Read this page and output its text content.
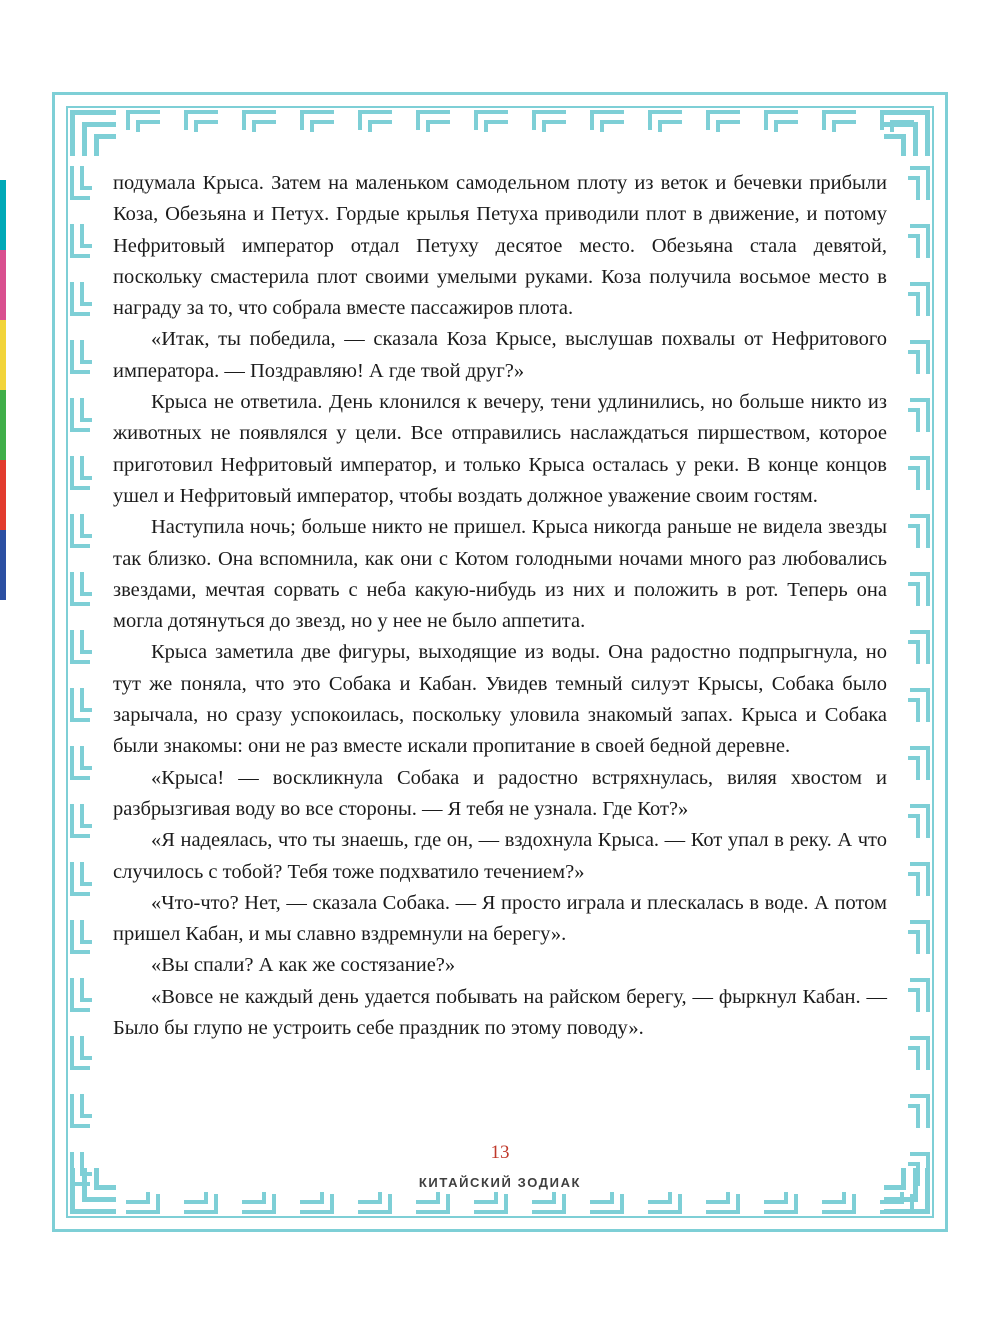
подумала Крыса. Затем на маленьком самодельном плоту из веток и бечевки прибыли Коза, Обезьяна и Петух. Гордые крылья Петуха приводили плот в движение, и потому Нефритовый император отдал Петуху десятое место. Обезьяна стала девятой, поскольку смастерила плот своими умелыми руками. Коза получила восьмое место в награду за то, что собрала вместе пассажиров плота.

«Итак, ты победила, — сказала Коза Крысе, выслушав похвалы от Нефритового императора. — Поздравляю! А где твой друг?»

Крыса не ответила. День клонился к вечеру, тени удлинились, но больше никто из животных не появлялся у цели. Все отправились наслаждаться пиршеством, которое приготовил Нефритовый император, и только Крыса осталась у реки. В конце концов ушел и Нефритовый император, чтобы воздать должное уважение своим гостям.

Наступила ночь; больше никто не пришел. Крыса никогда раньше не видела звезды так близко. Она вспомнила, как они с Котом голодными ночами много раз любовались звездами, мечтая сорвать с неба какую-нибудь из них и положить в рот. Теперь она могла дотянуться до звезд, но у нее не было аппетита.

Крыса заметила две фигуры, выходящие из воды. Она радостно подпрыгнула, но тут же поняла, что это Собака и Кабан. Увидев темный силуэт Крысы, Собака было зарычала, но сразу успокоилась, поскольку уловила знакомый запах. Крыса и Собака были знакомы: они не раз вместе искали пропитание в своей бедной деревне.

«Крыса! — воскликнула Собака и радостно встряхнулась, виляя хвостом и разбрызгивая воду во все стороны. — Я тебя не узнала. Где Кот?»

«Я надеялась, что ты знаешь, где он, — вздохнула Крыса. — Кот упал в реку. А что случилось с тобой? Тебя тоже подхватило течением?»

«Что-что? Нет, — сказала Собака. — Я просто играла и плескалась в воде. А потом пришел Кабан, и мы славно вздремнули на берегу».

«Вы спали? А как же состязание?»

«Вовсе не каждый день удается побывать на райском берегу, — фыркнул Кабан. — Было бы глупо не устроить себе праздник по этому поводу».

13
КИТАЙСКИЙ ЗОДИАК
